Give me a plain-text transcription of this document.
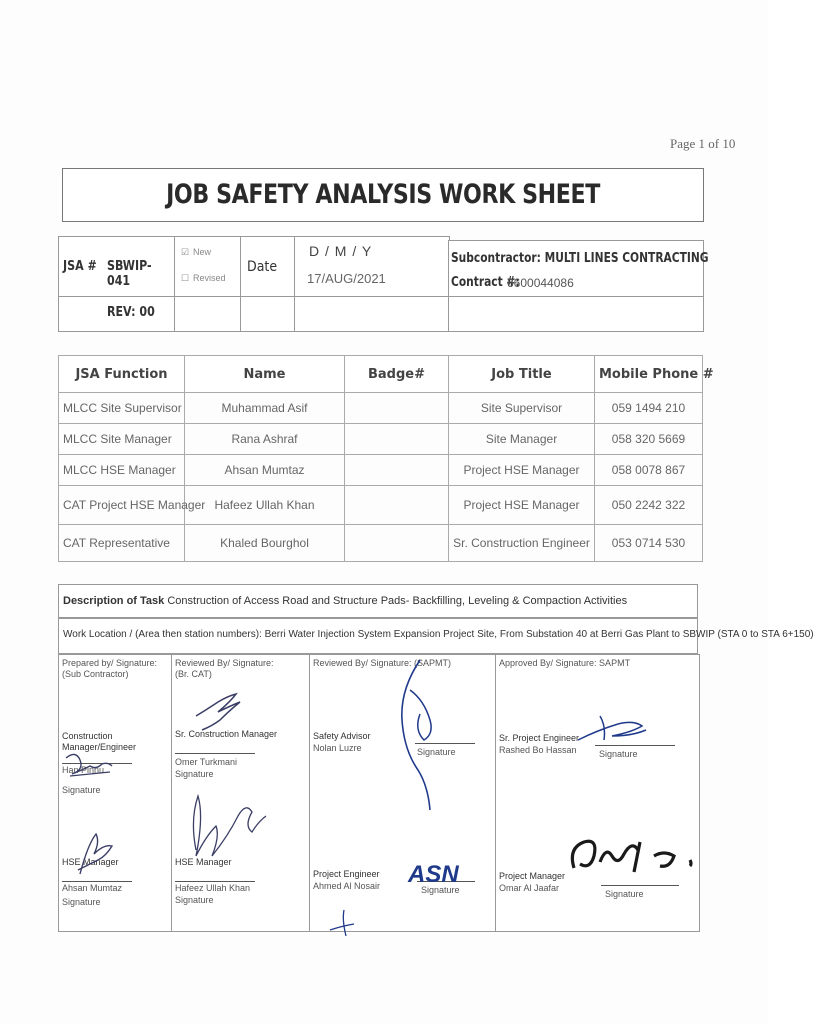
Page 1 of 10
JOB SAFETY ANALYSIS WORK SHEET
JSA # SBWIP-041
☑ New
☐ Revised
Date
D / M / Y
17/AUG/2021
Subcontractor: MULTI LINES CONTRACTING
Contract #:
6600044086
REV: 00
JSA Function	Name	Badge#	Job Title	Mobile Phone #
MLCC Site Supervisor	Muhammad Asif		Site Supervisor	059 1494 210
MLCC Site Manager	Rana Ashraf		Site Manager	058 320 5669
MLCC HSE Manager	Ahsan Mumtaz		Project HSE Manager	058 0078 867
CAT Project HSE Manager	Hafeez Ullah Khan		Project HSE Manager	050 2242 322
CAT Representative	Khaled Bourghol		Sr. Construction Engineer	053 0714 530
Description of Task Construction of Access Road and Structure Pads- Backfilling, Leveling & Compaction Activities
Work Location / (Area then station numbers): Berri Water Injection System Expansion Project Site, From Substation 40 at Berri Gas Plant to SBWIP (STA 0 to STA 6+150)
Prepared by/ Signature: (Sub Contractor)
Construction Manager/Engineer
Han Pinnu
Signature
HSE Manager
Ahsan Mumtaz
Signature
Reviewed By/ Signature: (Br. CAT)
Sr. Construction Manager
Omer Turkmani
Signature
HSE Manager
Hafeez Ullah Khan
Signature
Reviewed By/ Signature: (SAPMT)
Safety Advisor
Nolan Luzre	Signature
Project Engineer
Ahmed Al Nosair	Signature
Approved By/ Signature: SAPMT
Sr. Project Engineer
Rashed Bo Hassan Signature
Project Manager
Omar Al Jaafar
Signature
ASN
